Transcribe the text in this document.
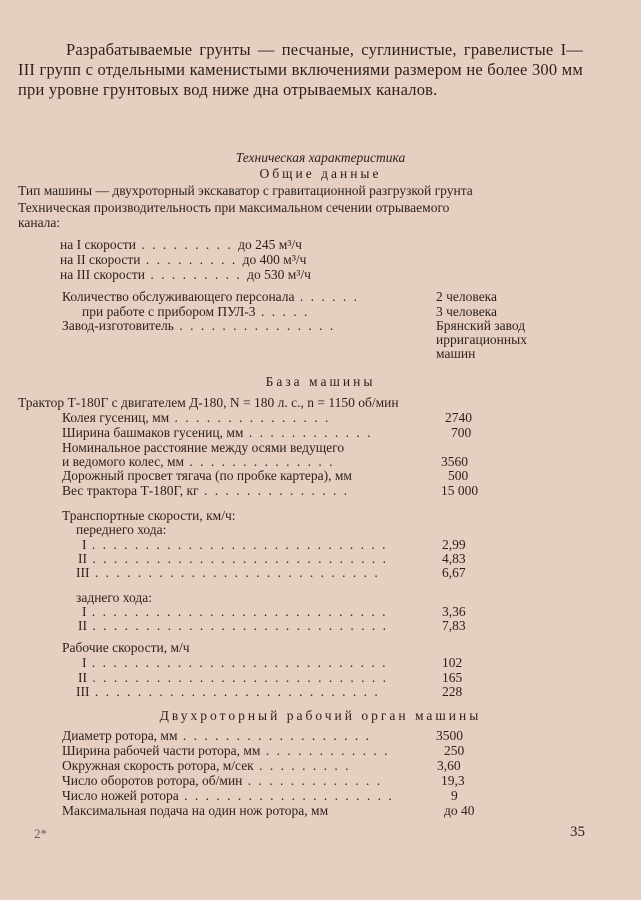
Разрабатываемые грунты — песчаные, суглинистые, гравелистые I—III групп с отдельными каменистыми включениями размером не более 300 мм при уровне грунтовых вод ниже дна отрываемых каналов.

Техническая характеристика
Общие данные
Тип машины — двухроторный экскаватор с гравитационной разгрузкой грунта
Техническая производительность при максимальном сечении отрываемого
канала:
на I скорости . . . . . . . . . до 245 м³/ч
на II скорости . . . . . . . . . до 400 м³/ч
на III скорости . . . . . . . . . до 530 м³/ч
Количество обслуживающего персонала . . . . . .	2 человека
при работе с прибором ПУЛ-3 . . . . .	3 человека
Завод-изготовитель . . . . . . . . . . . . . . .	Брянский завод
ирригационных
машин
База машины
Трактор Т-180Г с двигателем Д-180, N = 180 л. с., n = 1150 об/мин
Колея гусениц, мм . . . . . . . . . . . . . . .	2740
Ширина башмаков гусениц, мм . . . . . . . . . . . .	700
Номинальное расстояние между осями ведущего
и ведомого колес, мм . . . . . . . . . . . . . .	3560
Дорожный просвет тягача (по пробке картера), мм	500
Вес трактора Т-180Г, кг . . . . . . . . . . . . . .	15 000
Транспортные скорости, км/ч:
переднего хода:
I . . . . . . . . . . . . . . . . . . . . . . . . . . . .	2,99
II . . . . . . . . . . . . . . . . . . . . . . . . . . . .	4,83
III . . . . . . . . . . . . . . . . . . . . . . . . . . .	6,67
заднего хода:
I . . . . . . . . . . . . . . . . . . . . . . . . . . . .	3,36
II . . . . . . . . . . . . . . . . . . . . . . . . . . . .	7,83
Рабочие скорости, м/ч
I . . . . . . . . . . . . . . . . . . . . . . . . . . . .	102
II . . . . . . . . . . . . . . . . . . . . . . . . . . . .	165
III . . . . . . . . . . . . . . . . . . . . . . . . . . .	228
Двухроторный рабочий орган машины
Диаметр ротора, мм . . . . . . . . . . . . . . . . . .	3500
Ширина рабочей части ротора, мм . . . . . . . . . . . .	250
Окружная скорость ротора, м/сек . . . . . . . . .	3,60
Число оборотов ротора, об/мин . . . . . . . . . . . . .	19,3
Число ножей ротора . . . . . . . . . . . . . . . . . . . .	9
Максимальная подача на один нож ротора, мм	до 40
2*	35
